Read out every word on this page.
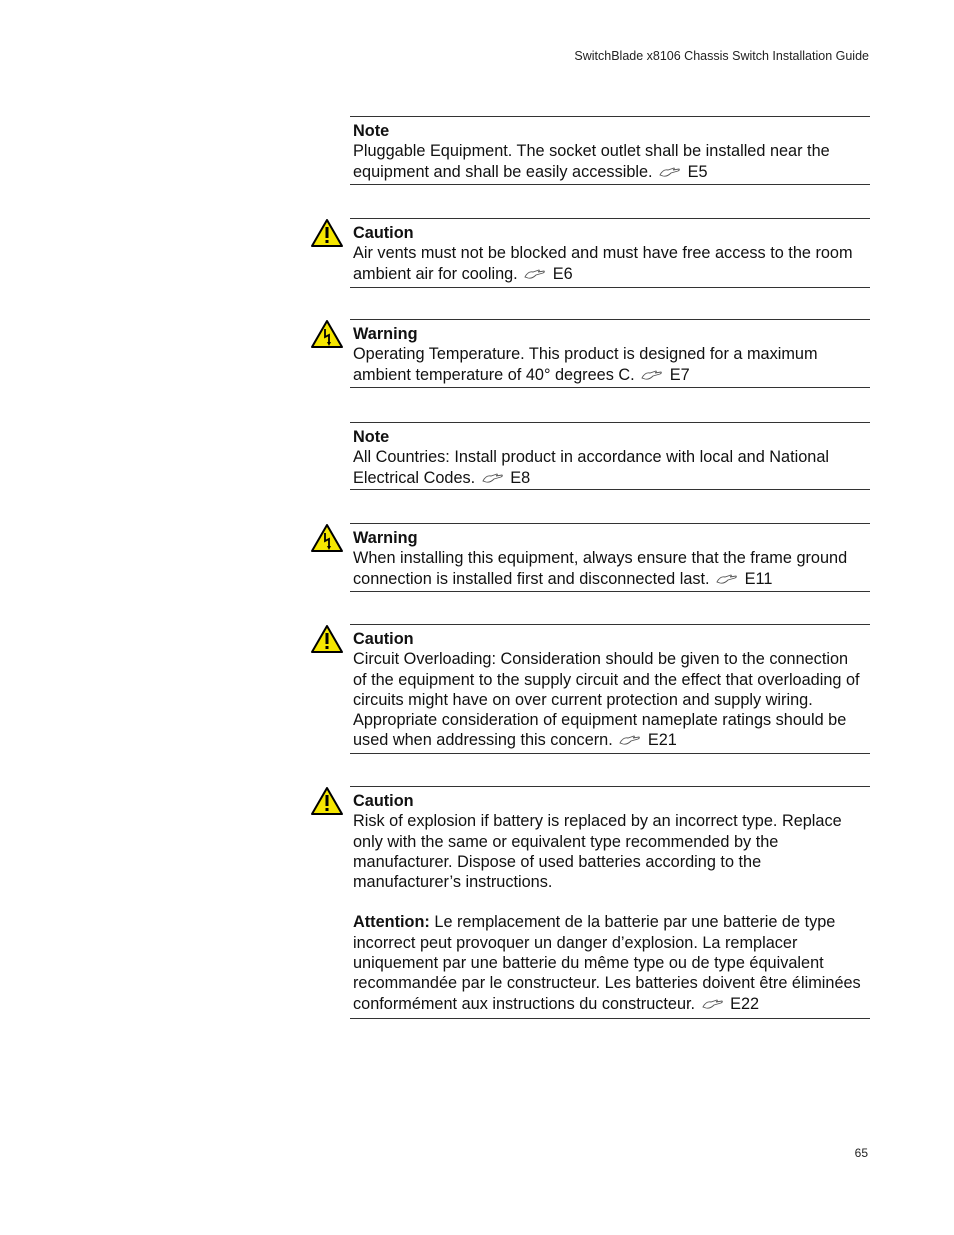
SwitchBlade x8106 Chassis Switch Installation Guide
Note

Pluggable Equipment. The socket outlet shall be installed near the equipment and shall be easily accessible. E5

Caution

Air vents must not be blocked and must have free access to the room ambient air for cooling. E6

Warning

Operating Temperature. This product is designed for a maximum ambient temperature of 40° degrees C. E7

Note

All Countries: Install product in accordance with local and National Electrical Codes. E8

Warning

When installing this equipment, always ensure that the frame ground connection is installed first and disconnected last. E11

Caution

Circuit Overloading: Consideration should be given to the connection of the equipment to the supply circuit and the effect that overloading of circuits might have on over current protection and supply wiring. Appropriate consideration of equipment nameplate ratings should be used when addressing this concern. E21

Caution

Risk of explosion if battery is replaced by an incorrect type. Replace only with the same or equivalent type recommended by the manufacturer. Dispose of used batteries according to the manufacturer’s instructions.

Attention: Le remplacement de la batterie par une batterie de type incorrect peut provoquer un danger d’explosion. La remplacer uniquement par une batterie du même type ou de type équivalent recommandée par le constructeur. Les batteries doivent être éliminées conformément aux instructions du constructeur. E22

65
